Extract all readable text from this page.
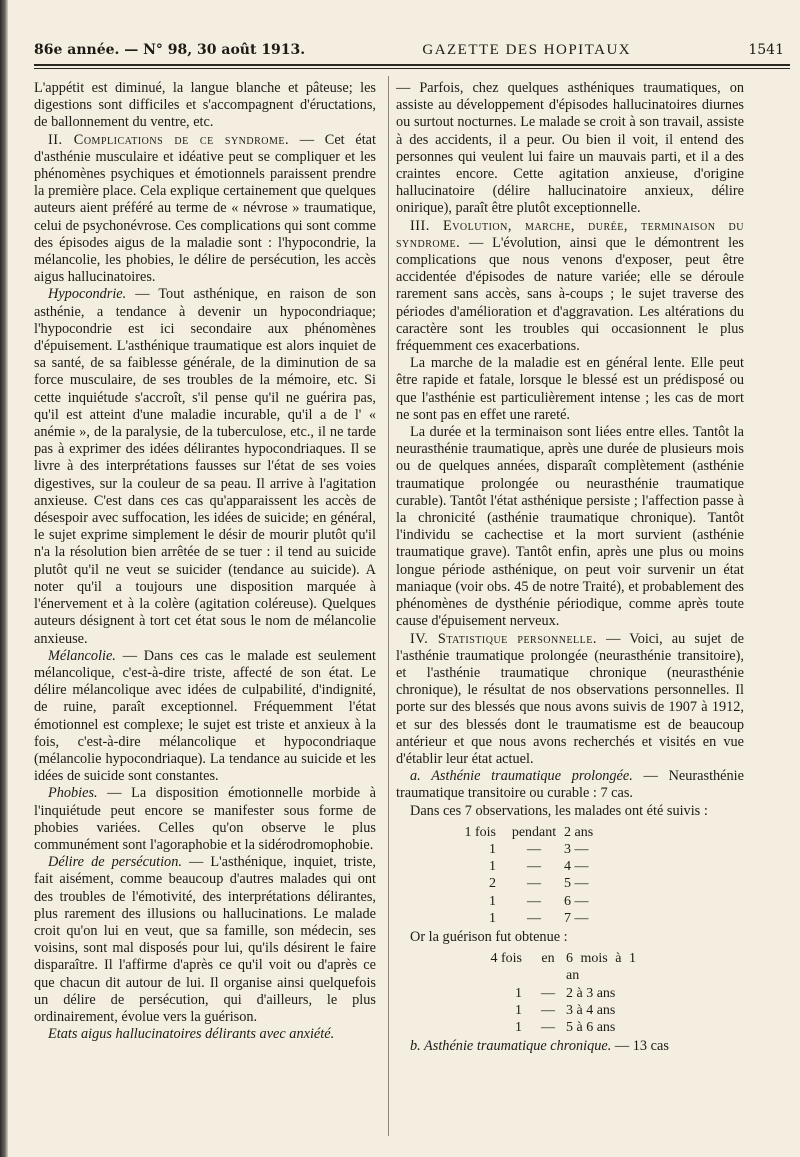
86e année. — N° 98, 30 août 1913.	GAZETTE DES HOPITAUX	1541

L'appétit est diminué, la langue blanche et pâteuse; les digestions sont difficiles et s'accompagnent d'éructations, de ballonnement du ventre, etc.

II. Complications de ce syndrome. — Cet état d'asthénie musculaire et idéative peut se compliquer et les phénomènes psychiques et émotionnels paraissent prendre la première place. Cela explique certainement que quelques auteurs aient préféré au terme de « névrose » traumatique, celui de psychonévrose. Ces complications qui sont comme des épisodes aigus de la maladie sont : l'hypocondrie, la mélancolie, les phobies, le délire de persécution, les accès aigus hallucinatoires.

Hypocondrie. — Tout asthénique, en raison de son asthénie, a tendance à devenir un hypocondriaque; l'hypocondrie est ici secondaire aux phénomènes d'épuisement. L'asthénique traumatique est alors inquiet de sa santé, de sa faiblesse générale, de la diminution de sa force musculaire, de ses troubles de la mémoire, etc. Si cette inquiétude s'accroît, s'il pense qu'il ne guérira pas, qu'il est atteint d'une maladie incurable, qu'il a de l' « anémie », de la paralysie, de la tuberculose, etc., il ne tarde pas à exprimer des idées délirantes hypocondriaques. Il se livre à des interprétations fausses sur l'état de ses voies digestives, sur la couleur de sa peau. Il arrive à l'agitation anxieuse. C'est dans ces cas qu'apparaissent les accès de désespoir avec suffocation, les idées de suicide; en général, le sujet exprime simplement le désir de mourir plutôt qu'il n'a la résolution bien arrêtée de se tuer : il tend au suicide plutôt qu'il ne veut se suicider (tendance au suicide). A noter qu'il a toujours une disposition marquée à l'énervement et à la colère (agitation coléreuse). Quelques auteurs désignent à tort cet état sous le nom de mélancolie anxieuse.

Mélancolie. — Dans ces cas le malade est seulement mélancolique, c'est-à-dire triste, affecté de son état. Le délire mélancolique avec idées de culpabilité, d'indignité, de ruine, paraît exceptionnel. Fréquemment l'état émotionnel est complexe; le sujet est triste et anxieux à la fois, c'est-à-dire mélancolique et hypocondriaque (mélancolie hypocondriaque). La tendance au suicide et les idées de suicide sont constantes.

Phobies. — La disposition émotionnelle morbide à l'inquiétude peut encore se manifester sous forme de phobies variées. Celles qu'on observe le plus communément sont l'agoraphobie et la sidérodromophobie.

Délire de persécution. — L'asthénique, inquiet, triste, fait aisément, comme beaucoup d'autres malades qui ont des troubles de l'émotivité, des interprétations délirantes, plus rarement des illusions ou hallucinations. Le malade croit qu'on lui en veut, que sa famille, son médecin, ses voisins, sont mal disposés pour lui, qu'ils désirent le faire disparaître. Il l'affirme d'après ce qu'il voit ou d'après ce que chacun dit autour de lui. Il organise ainsi quelquefois un délire de persécution, qui d'ailleurs, le plus ordinairement, évolue vers la guérison.

Etats aigus hallucinatoires délirants avec anxiété.

— Parfois, chez quelques asthéniques traumatiques, on assiste au développement d'épisodes hallucinatoires diurnes ou surtout nocturnes. Le malade se croit à son travail, assiste à des accidents, il a peur. Ou bien il voit, il entend des personnes qui veulent lui faire un mauvais parti, et il a des craintes encore. Cette agitation anxieuse, d'origine hallucinatoire (délire hallucinatoire anxieux, délire onirique), paraît être plutôt exceptionnelle.

III. Evolution, marche, durée, terminaison du syndrome. — L'évolution, ainsi que le démontrent les complications que nous venons d'exposer, peut être accidentée d'épisodes de nature variée; elle se déroule rarement sans accès, sans à-coups ; le sujet traverse des périodes d'amélioration et d'aggravation. Les altérations du caractère sont les troubles qui occasionnent le plus fréquemment ces exacerbations.

La marche de la maladie est en général lente. Elle peut être rapide et fatale, lorsque le blessé est un prédisposé ou que l'asthénie est particulièrement intense ; les cas de mort ne sont pas en effet une rareté.

La durée et la terminaison sont liées entre elles. Tantôt la neurasthénie traumatique, après une durée de plusieurs mois ou de quelques années, disparaît complètement (asthénie traumatique prolongée ou neurasthénie traumatique curable). Tantôt l'état asthénique persiste ; l'affection passe à la chronicité (asthénie traumatique chronique). Tantôt l'individu se cachectise et la mort survient (asthénie traumatique grave). Tantôt enfin, après une plus ou moins longue période asthénique, on peut voir survenir un état maniaque (voir obs. 45 de notre Traité), et probablement des phénomènes de dysthénie périodique, comme après toute cause d'épuisement nerveux.

IV. Statistique personnelle. — Voici, au sujet de l'asthénie traumatique prolongée (neurasthénie transitoire), et l'asthénie traumatique chronique (neurasthénie chronique), le résultat de nos observations personnelles. Il porte sur des blessés que nous avons suivis de 1907 à 1912, et sur des blessés dont le traumatisme est de beaucoup antérieur et que nous avons recherchés et visités en vue d'établir leur état actuel.

a. Asthénie traumatique prolongée. — Neurasthénie traumatique transitoire ou curable : 7 cas.

Dans ces 7 observations, les malades ont été suivis :

1 fois	pendant 2 ans
1	—	3 —
1	—	4 —
2	—	5 —
1	—	6 —
1	—	7 —

Or la guérison fut obtenue :

4 fois	en 6 mois à 1 an
1	— 2 à 3 ans
1	— 3 à 4 ans
1	— 5 à 6 ans

b. Asthénie traumatique chronique. — 13 cas
